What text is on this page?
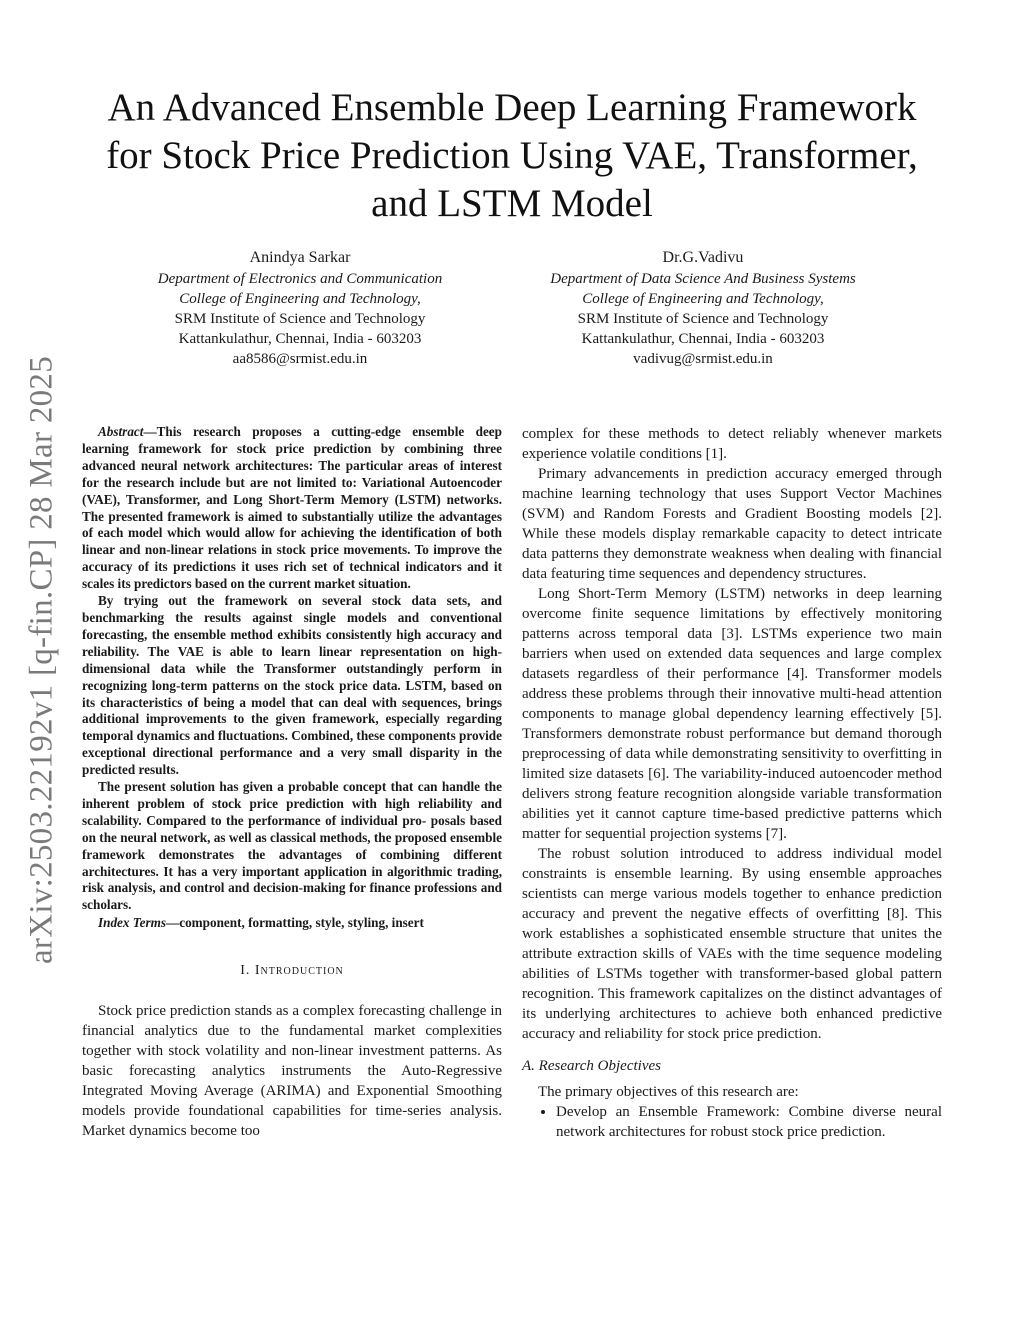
arXiv:2503.22192v1 [q-fin.CP] 28 Mar 2025
An Advanced Ensemble Deep Learning Framework
for Stock Price Prediction Using VAE, Transformer,
and LSTM Model
Anindya Sarkar
Department of Electronics and Communication
College of Engineering and Technology,
SRM Institute of Science and Technology
Kattankulathur, Chennai, India - 603203
aa8586@srmist.edu.in
Dr.G.Vadivu
Department of Data Science And Business Systems
College of Engineering and Technology,
SRM Institute of Science and Technology
Kattankulathur, Chennai, India - 603203
vadivug@srmist.edu.in

Abstract—This research proposes a cutting-edge ensemble deep learning framework for stock price prediction by combining three advanced neural network architectures: The particular areas of interest for the research include but are not limited to: Variational Autoencoder (VAE), Transformer, and Long Short-Term Memory (LSTM) networks. The presented framework is aimed to substantially utilize the advantages of each model which would allow for achieving the identification of both linear and non-linear relations in stock price movements. To improve the accuracy of its predictions it uses rich set of technical indicators and it scales its predictors based on the current market situation.

By trying out the framework on several stock data sets, and benchmarking the results against single models and conventional forecasting, the ensemble method exhibits consistently high accuracy and reliability. The VAE is able to learn linear representation on high-dimensional data while the Transformer outstandingly perform in recognizing long-term patterns on the stock price data. LSTM, based on its characteristics of being a model that can deal with sequences, brings additional improvements to the given framework, especially regarding temporal dynamics and fluctuations. Combined, these components provide exceptional directional performance and a very small disparity in the predicted results.

The present solution has given a probable concept that can handle the inherent problem of stock price prediction with high reliability and scalability. Compared to the performance of individual pro- posals based on the neural network, as well as classical methods, the proposed ensemble framework demonstrates the advantages of combining different architectures. It has a very important application in algorithmic trading, risk analysis, and control and decision-making for finance professions and scholars.

Index Terms—component, formatting, style, styling, insert

I. Introduction

Stock price prediction stands as a complex forecasting challenge in financial analytics due to the fundamental market complexities together with stock volatility and non-linear investment patterns. As basic forecasting analytics instruments the Auto-Regressive Integrated Moving Average (ARIMA) and Exponential Smoothing models provide foundational capabilities for time-series analysis. Market dynamics become too

complex for these methods to detect reliably whenever markets experience volatile conditions [1].

Primary advancements in prediction accuracy emerged through machine learning technology that uses Support Vector Machines (SVM) and Random Forests and Gradient Boosting models [2]. While these models display remarkable capacity to detect intricate data patterns they demonstrate weakness when dealing with financial data featuring time sequences and dependency structures.

Long Short-Term Memory (LSTM) networks in deep learning overcome finite sequence limitations by effectively monitoring patterns across temporal data [3]. LSTMs experience two main barriers when used on extended data sequences and large complex datasets regardless of their performance [4]. Transformer models address these problems through their innovative multi-head attention components to manage global dependency learning effectively [5]. Transformers demonstrate robust performance but demand thorough preprocessing of data while demonstrating sensitivity to overfitting in limited size datasets [6]. The variability-induced autoencoder method delivers strong feature recognition alongside variable transformation abilities yet it cannot capture time-based predictive patterns which matter for sequential projection systems [7].

The robust solution introduced to address individual model constraints is ensemble learning. By using ensemble approaches scientists can merge various models together to enhance prediction accuracy and prevent the negative effects of overfitting [8]. This work establishes a sophisticated ensemble structure that unites the attribute extraction skills of VAEs with the time sequence modeling abilities of LSTMs together with transformer-based global pattern recognition. This framework capitalizes on the distinct advantages of its underlying architectures to achieve both enhanced predictive accuracy and reliability for stock price prediction.

A. Research Objectives

The primary objectives of this research are:

• Develop an Ensemble Framework: Combine diverse neural network architectures for robust stock price prediction.
